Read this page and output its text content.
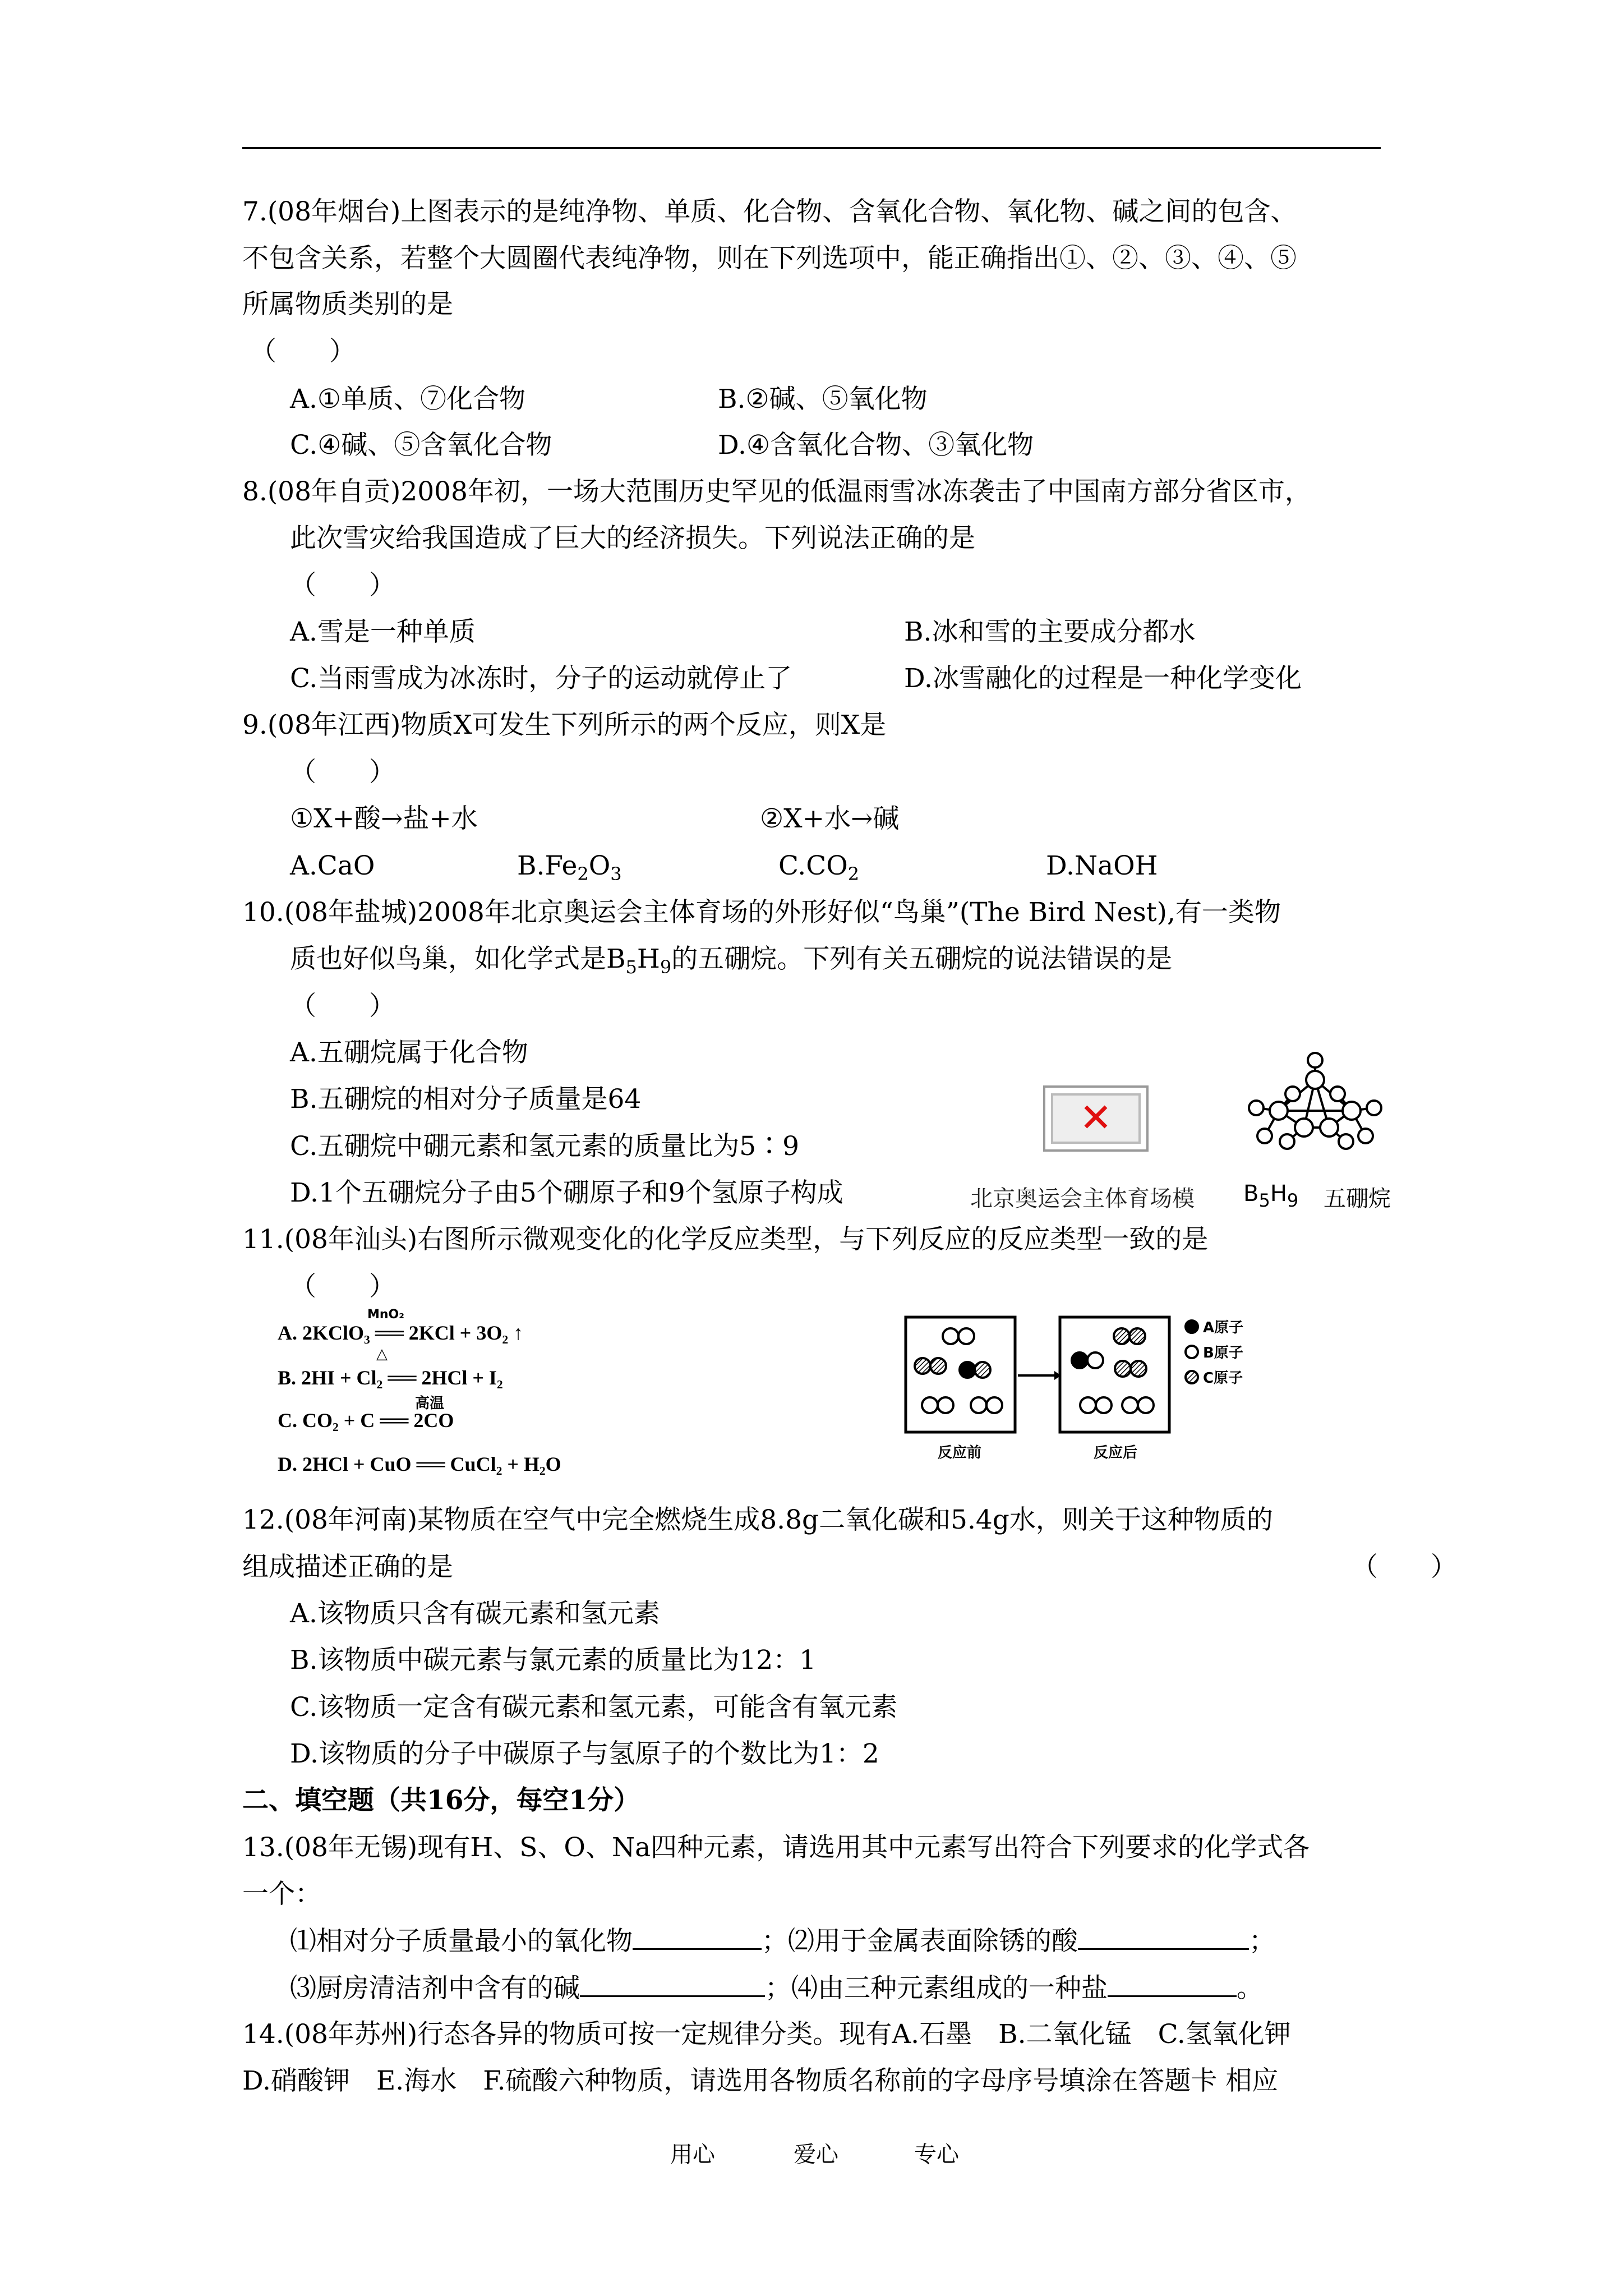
7.(08年烟台)上图表示的是纯净物、单质、化合物、含氧化合物、氧化物、碱之间的包含、
不包含关系，若整个大圆圈代表纯净物，则在下列选项中，能正确指出①、②、③、④、⑤
所属物质类别的是
（　　）
A.①单质、⑦化合物	B.②碱、⑤氧化物
C.④碱、⑤含氧化合物	D.④含氧化合物、③氧化物
8.(08年自贡)2008年初，一场大范围历史罕见的低温雨雪冰冻袭击了中国南方部分省区市，
此次雪灾给我国造成了巨大的经济损失。下列说法正确的是
（　　）
A.雪是一种单质	B.冰和雪的主要成分都水
C.当雨雪成为冰冻时，分子的运动就停止了	D.冰雪融化的过程是一种化学变化
9.(08年江西)物质X可发生下列所示的两个反应，则X是
（　　）
①X+酸→盐+水	②X+水→碱
A.CaO	$B.Fe_2O_3$	$C.CO_2$	D.NaOH
10.(08年盐城)2008年北京奥运会主体育场的外形好似“鸟巢”(The Bird Nest),有一类物
质也好似鸟巢，如化学式是$B_5H_9$的五硼烷。下列有关五硼烷的说法错误的是
（　　）
A.五硼烷属于化合物
B.五硼烷的相对分子质量是64
C.五硼烷中硼元素和氢元素的质量比为5∶9
D.1个五硼烷分子由5个硼原子和9个氢原子构成
✕
北京奥运会主体育场模 $B_5H_9$ 五硼烷
11.(08年汕头)右图所示微观变化的化学反应类型，与下列反应的反应类型一致的是
（　　）
A. 2KClO₃ ══ 2KCl + 3O₂ ↑
B. 2HI + Cl₂ ══ 2HCl + I₂
C. CO₂ + C ══ 2CO
D. 2HCl + CuO ══ CuCl₂ + H₂O
MnO₂
△
高温
A原子
B原子
C原子
反应前	反应后
12.(08年河南)某物质在空气中完全燃烧生成8.8g二氧化碳和5.4g水，则关于这种物质的
组成描述正确的是	（　　）
A.该物质只含有碳元素和氢元素
B.该物质中碳元素与氯元素的质量比为12：1
C.该物质一定含有碳元素和氢元素，可能含有氧元素
D.该物质的分子中碳原子与氢原子的个数比为1：2
二、填空题（共16分，每空1分）
13.(08年无锡)现有H、S、O、Na四种元素，请选用其中元素写出符合下列要求的化学式各
一个：
⑴相对分子质量最小的氧化物	；⑵用于金属表面除锈的酸	；
⑶厨房清洁剂中含有的碱	；⑷由三种元素组成的一种盐	。
14.(08年苏州)行态各异的物质可按一定规律分类。现有A.石墨　B.二氧化锰　C.氢氧化钾
D.硝酸钾　E.海水　F.硫酸六种物质，请选用各物质名称前的字母序号填涂在答题卡 相应
用心	爱心	专心
